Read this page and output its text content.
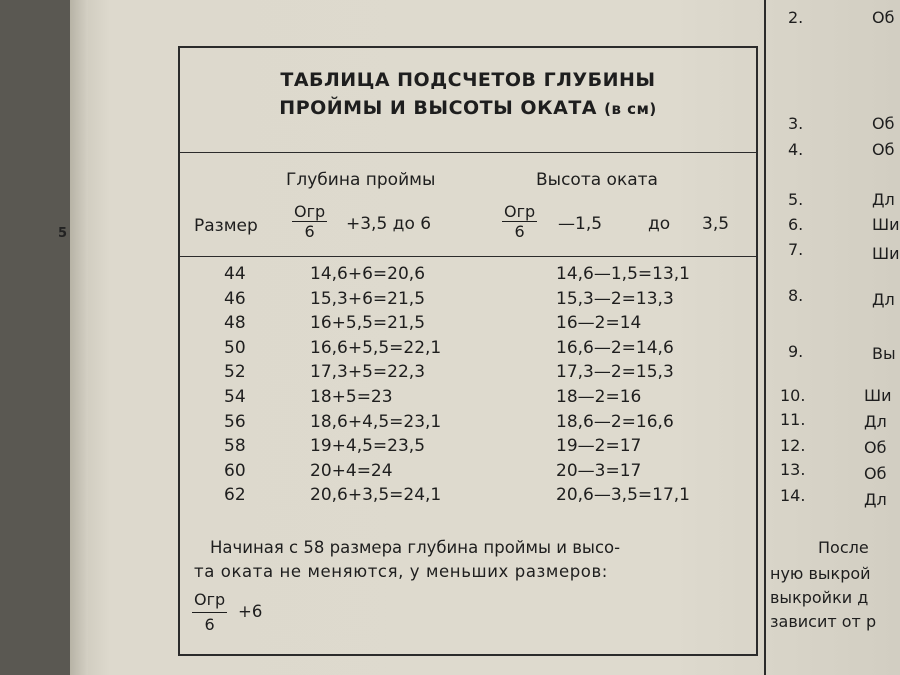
5
ТАБЛИЦА ПОДСЧЕТОВ ГЛУБИНЫ
ПРОЙМЫ И ВЫСОТЫ ОКАТА (в см)
Глубина проймы	Высота оката
Размер
Огр
6	+3,5 до 6
Огр
6	—1,5	до 3,5
44	14,6+6=20,6	14,6—1,5=13,1
46	15,3+6=21,5	15,3—2=13,3
48	16+5,5=21,5	16—2=14
50	16,6+5,5=22,1	16,6—2=14,6
52	17,3+5=22,3	17,3—2=15,3
54	18+5=23	18—2=16
56	18,6+4,5=23,1	18,6—2=16,6
58	19+4,5=23,5	19—2=17
60	20+4=24	20—3=17
62	20,6+3,5=24,1	20,6—3,5=17,1
Начиная с 58 размера глубина проймы и высо-
та оката не меняются, у меньших размеров:
Огр
6
+6
2.	Об
3.	Об
4.	Об
5.	Дл
6.	Ши
7.	Ши
8.	Дл
9.	Вы
10.	Ши
11.	Дл
12.	Об
13.	Об
14.	Дл
После
ную выкрой
выкройки д
зависит от р
